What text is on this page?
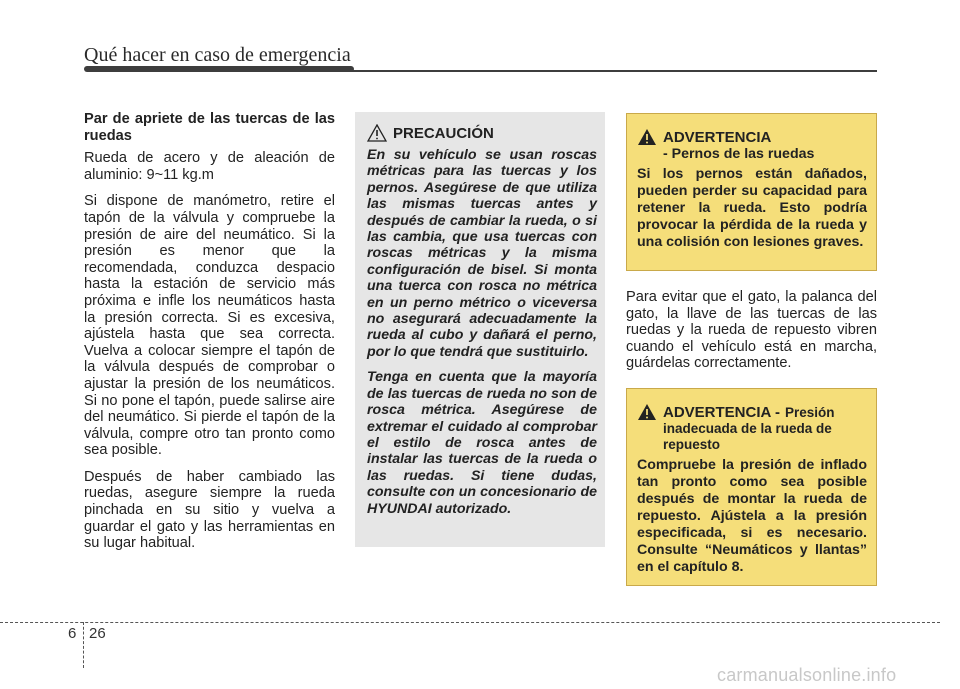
Qué hacer en caso de emergencia

Par de apriete de las tuercas de las ruedas

Rueda de acero y de aleación de aluminio: 9~11 kg.m

Si dispone de manómetro, retire el tapón de la válvula y compruebe la presión de aire del neumático. Si la presión es menor que la recomendada, conduzca despacio hasta la estación de servicio más próxima e infle los neumáticos hasta la presión correcta. Si es excesiva, ajústela hasta que sea correcta. Vuelva a colocar siempre el tapón de la válvula después de comprobar o ajustar la presión de los neumáticos. Si no pone el tapón, puede salirse aire del neumático. Si pierde el tapón de la válvula, compre otro tan pronto como sea posible.

Después de haber cambiado las ruedas, asegure siempre la rueda pinchada en su sitio y vuelva a guardar el gato y las herramientas en su lugar habitual.

PRECAUCIÓN

En su vehículo se usan roscas métricas para las tuercas y los pernos. Asegúrese de que utiliza las mismas tuercas antes y después de cambiar la rueda, o si las cambia, que usa tuercas con roscas métricas y la misma configuración de bisel. Si monta una tuerca con rosca no métrica en un perno métrico o viceversa no asegurará adecuadamente la rueda al cubo y dañará el perno, por lo que tendrá que sustituirlo.

Tenga en cuenta que la mayoría de las tuercas de rueda no son de rosca métrica. Asegúrese de extremar el cuidado al comprobar el estilo de rosca antes de instalar las tuercas de la rueda o las ruedas. Si tiene dudas, consulte con un concesionario de HYUNDAI autorizado.

ADVERTENCIA
- Pernos de las ruedas
Si los pernos están dañados, pueden perder su capacidad para retener la rueda. Esto podría provocar la pérdida de la rueda y una colisión con lesiones graves.
Para evitar que el gato, la palanca del gato, la llave de las tuercas de las ruedas y la rueda de repuesto vibren cuando el vehículo está en marcha, guárdelas correctamente.
ADVERTENCIA - Presión
inadecuada de la rueda de repuesto
Compruebe la presión de inflado tan pronto como sea posible después de montar la rueda de repuesto. Ajústela a la presión especificada, si es necesario. Consulte “Neumáticos y llantas” en el capítulo 8.
6 26
carmanualsonline.info
